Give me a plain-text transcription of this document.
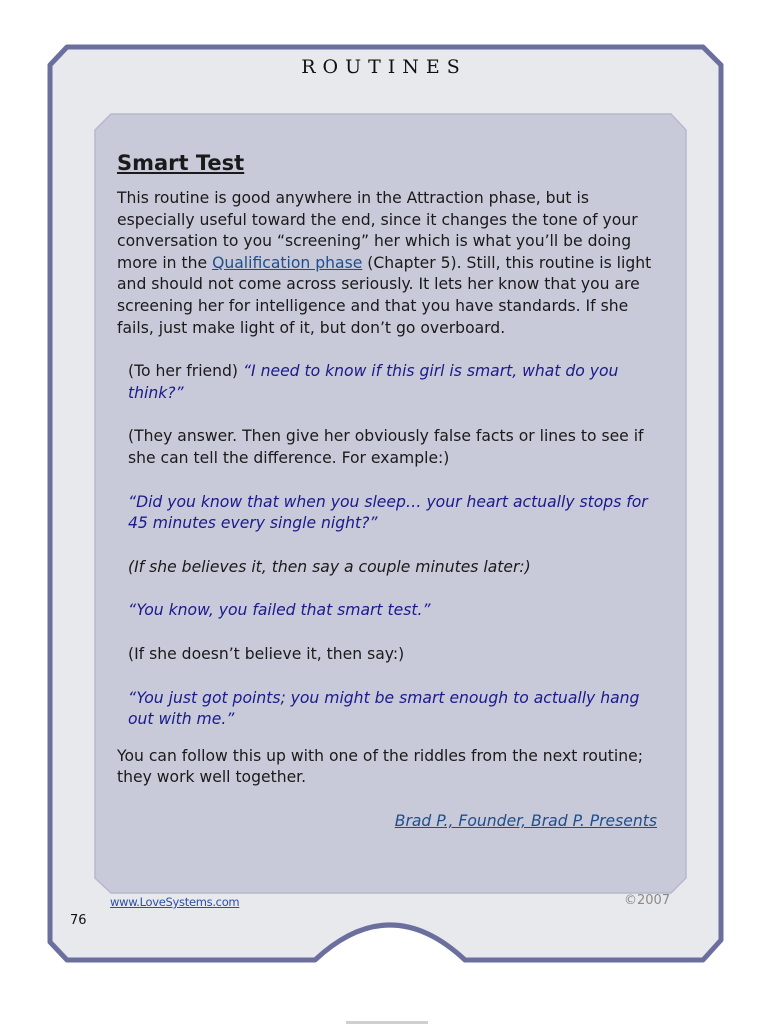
ROUTINES
Smart Test

This routine is good anywhere in the Attraction phase, but is especially useful toward the end, since it changes the tone of your conversation to you “screening” her which is what you’ll be doing more in the Qualification phase (Chapter 5). Still, this routine is light and should not come across seriously. It lets her know that you are screening her for intelligence and that you have standards. If she fails, just make light of it, but don’t go overboard.

(To her friend) “I need to know if this girl is smart, what do you think?”

(They answer. Then give her obviously false facts or lines to see if she can tell the difference. For example:)

“Did you know that when you sleep… your heart actually stops for 45 minutes every single night?”

(If she believes it, then say a couple minutes later:)

“You know, you failed that smart test.”

(If she doesn’t believe it, then say:)

“You just got points; you might be smart enough to actually hang out with me.”

You can follow this up with one of the riddles from the next routine; they work well together.

Brad P., Founder, Brad P. Presents

www.LoveSystems.com	©2007
76
